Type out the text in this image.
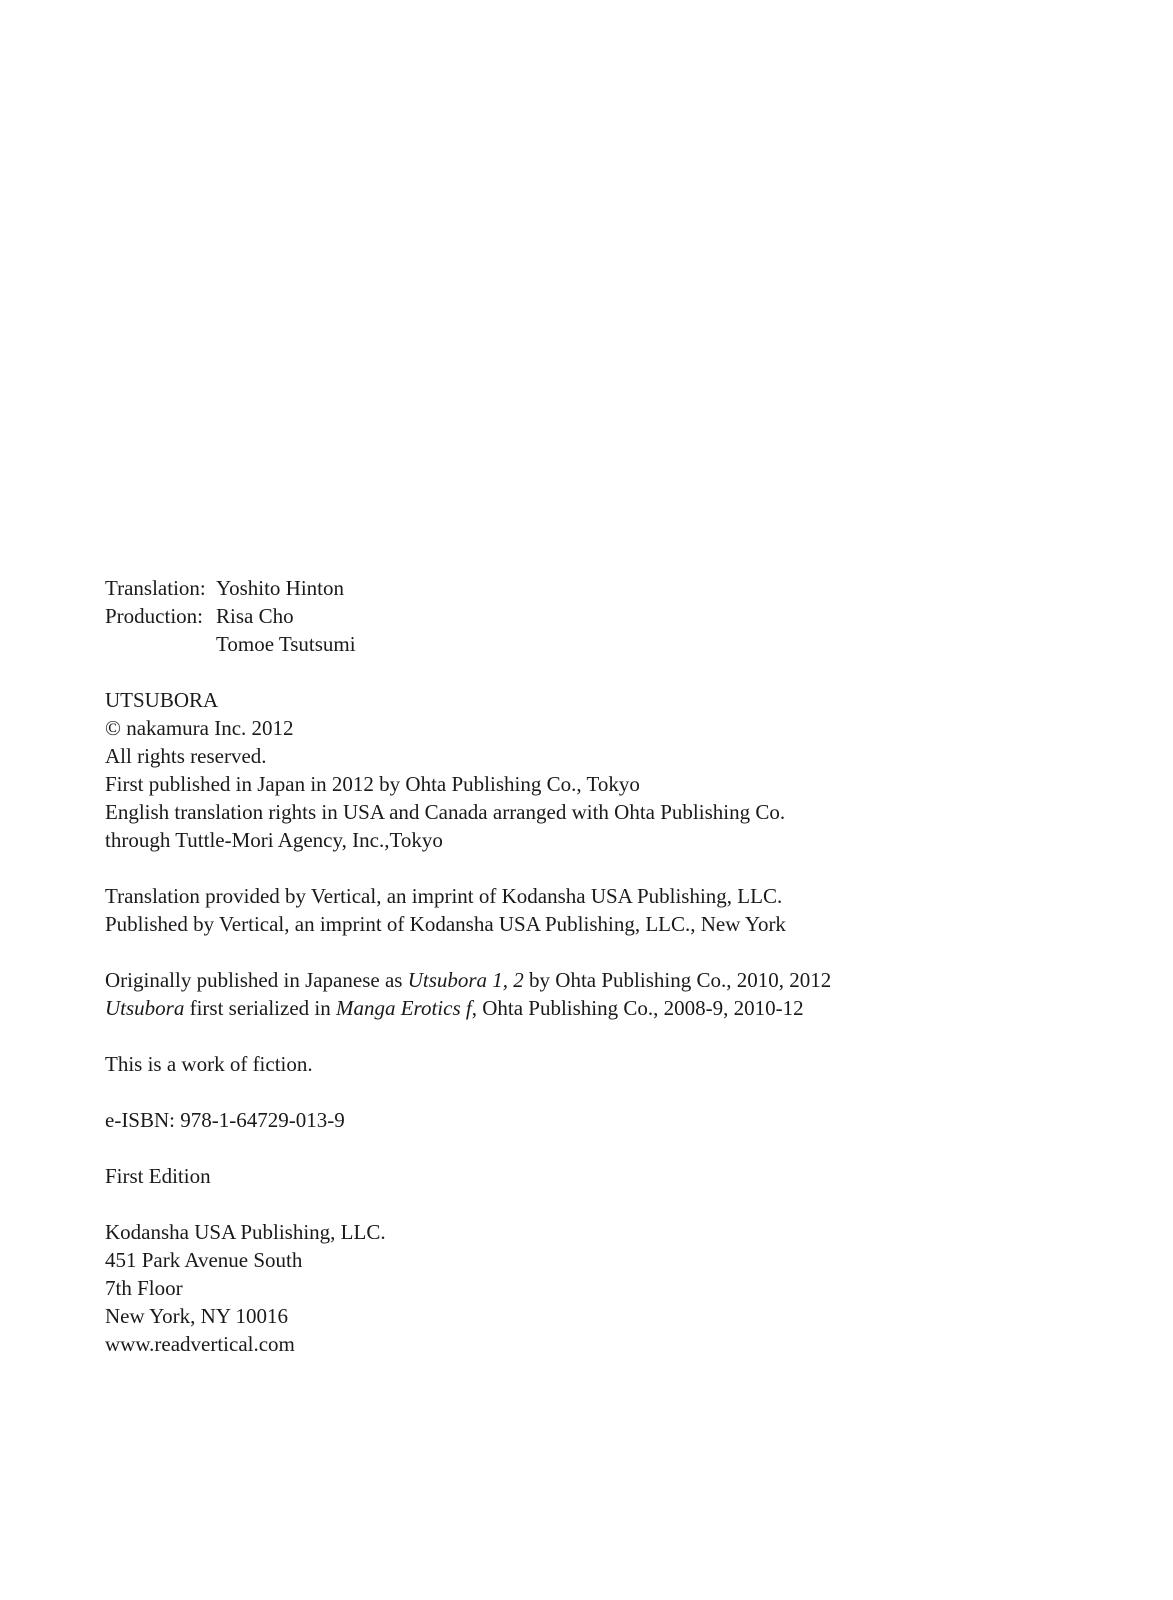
Translation: Yoshito Hinton
Production: Risa Cho
Tomoe Tsutsumi
UTSUBORA
© nakamura Inc. 2012
All rights reserved.
First published in Japan in 2012 by Ohta Publishing Co., Tokyo
English translation rights in USA and Canada arranged with Ohta Publishing Co.
through Tuttle-Mori Agency, Inc.,Tokyo
Translation provided by Vertical, an imprint of Kodansha USA Publishing, LLC.
Published by Vertical, an imprint of Kodansha USA Publishing, LLC., New York
Originally published in Japanese as Utsubora 1, 2 by Ohta Publishing Co., 2010, 2012
Utsubora first serialized in Manga Erotics f, Ohta Publishing Co., 2008-9, 2010-12
This is a work of fiction.
e-ISBN: 978-1-64729-013-9
First Edition
Kodansha USA Publishing, LLC.
451 Park Avenue South
7th Floor
New York, NY 10016
www.readvertical.com
